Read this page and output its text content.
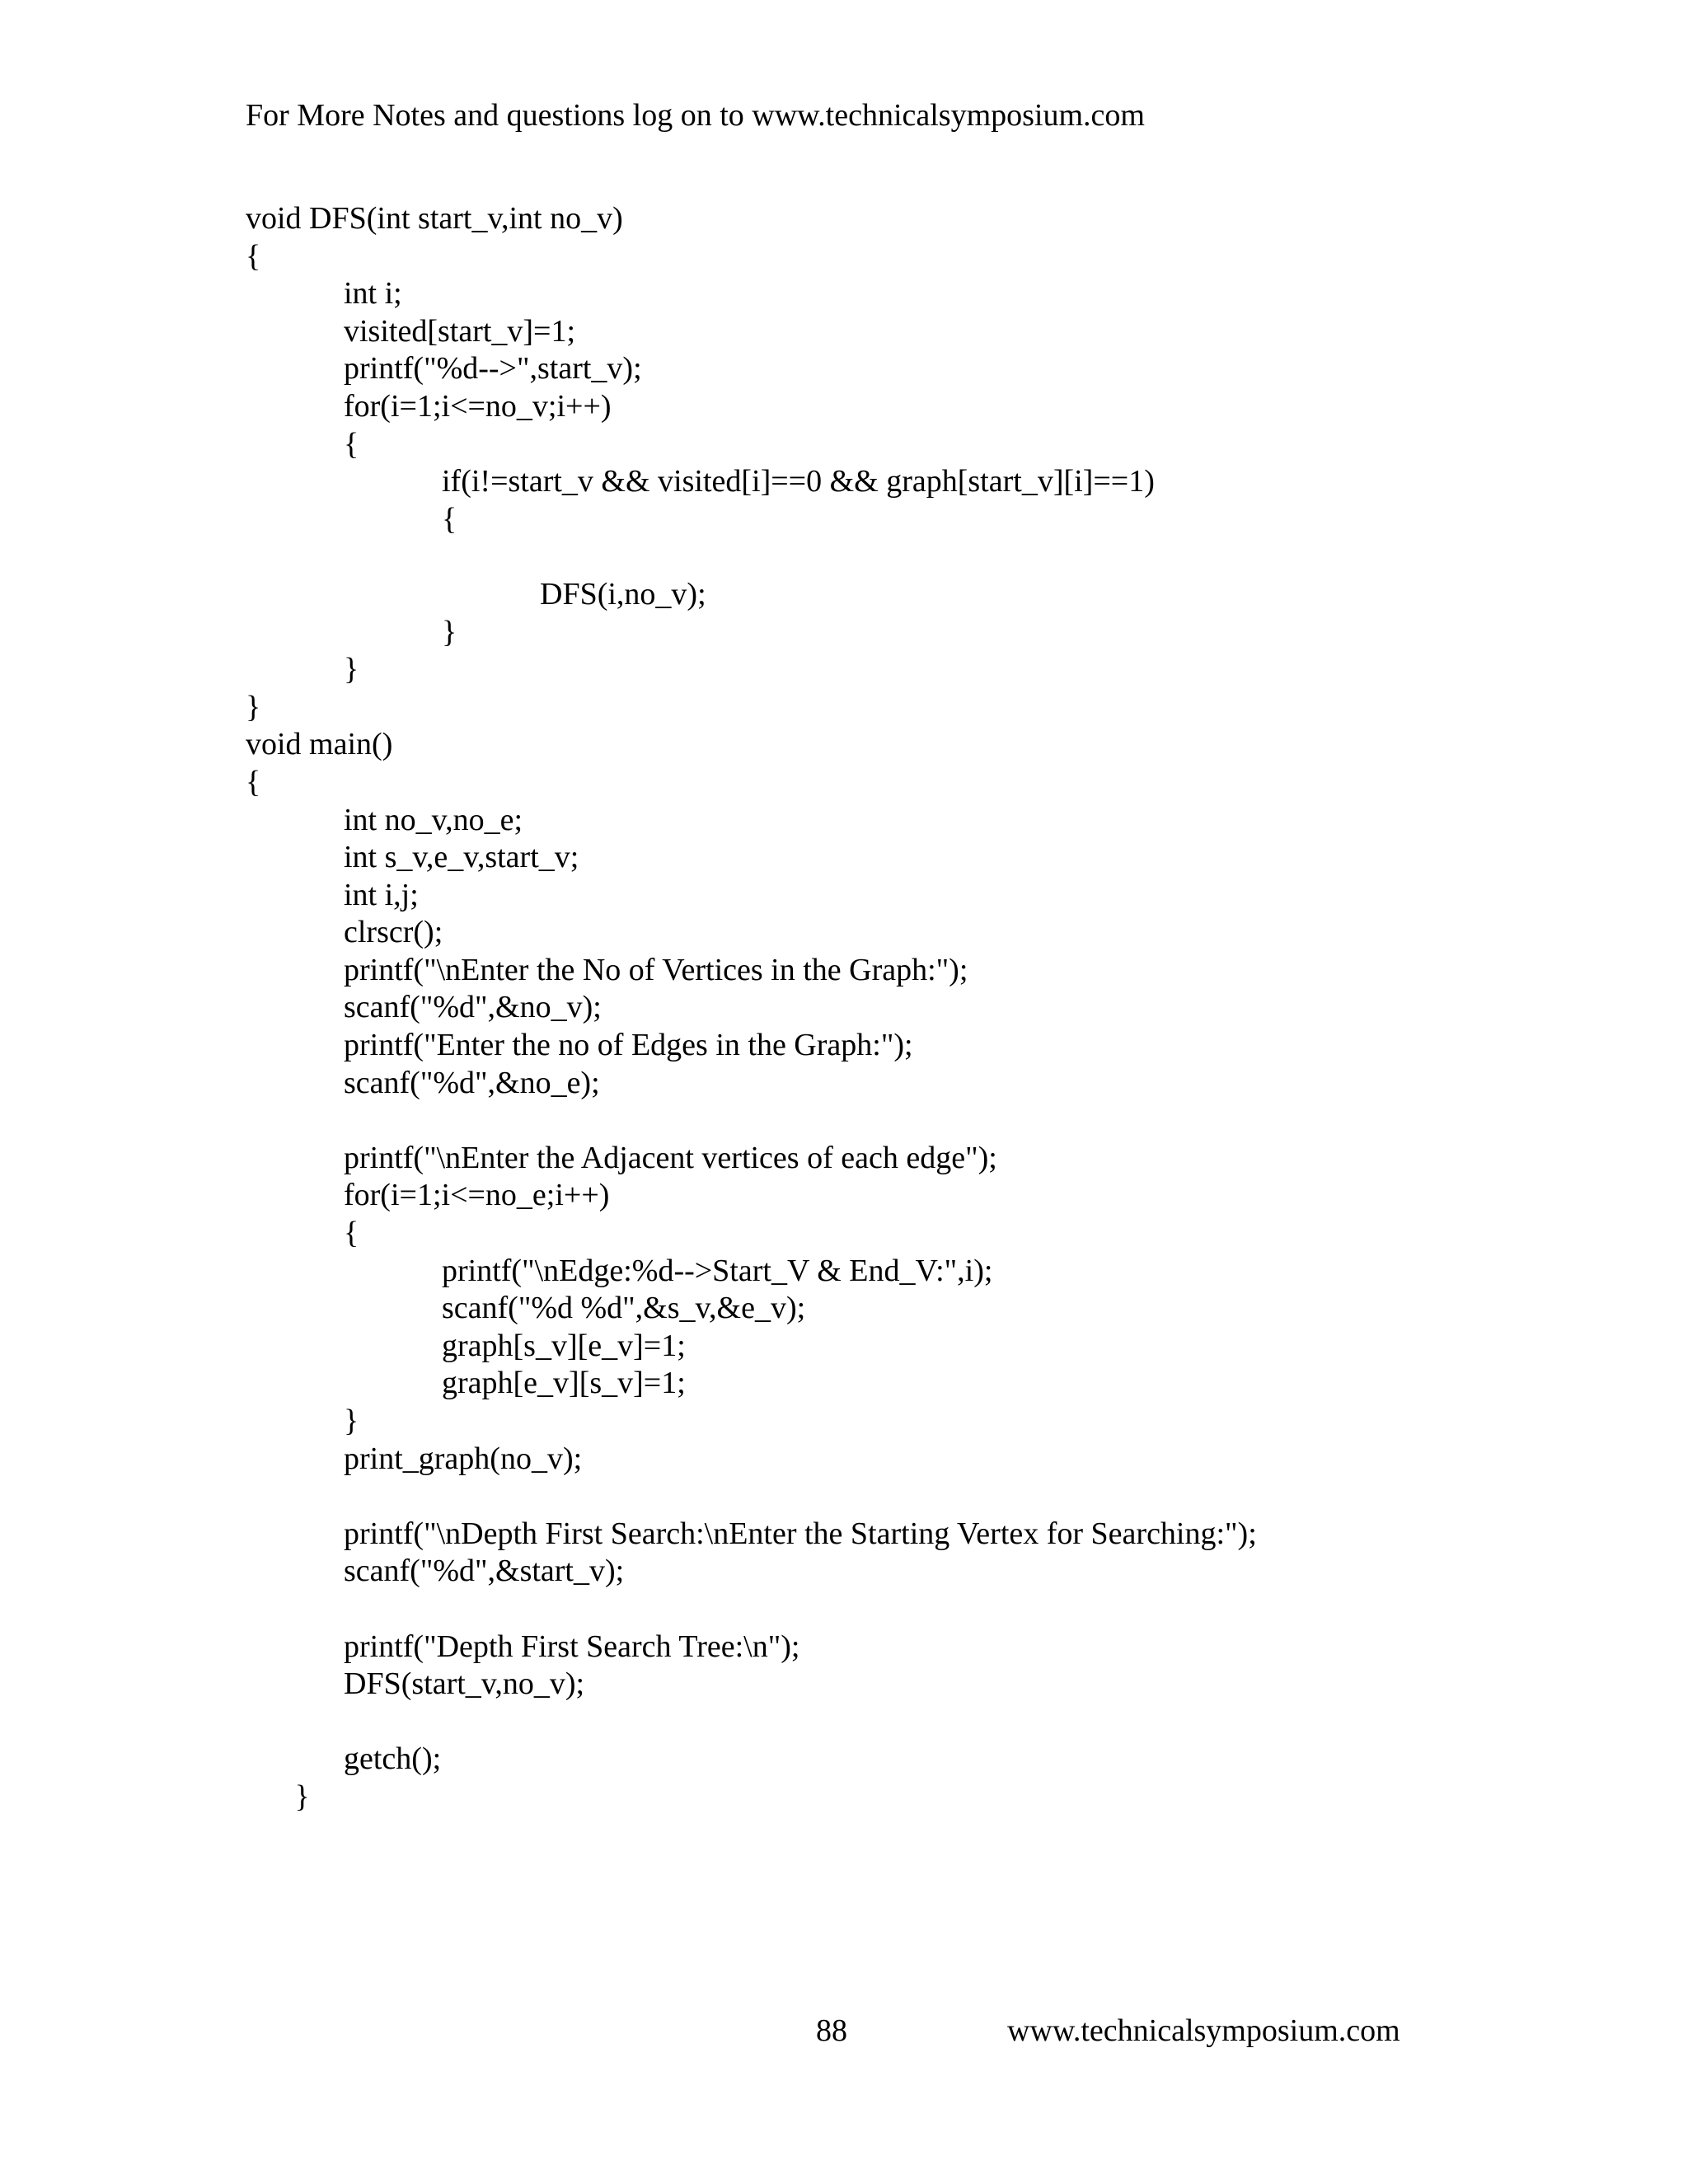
For More Notes and questions log on to www.technicalsymposium.com
void DFS(int start_v,int no_v)
{
int i;
visited[start_v]=1;
printf("%d-->",start_v);
for(i=1;i<=no_v;i++)
{
if(i!=start_v && visited[i]==0 && graph[start_v][i]==1)
{
DFS(i,no_v);
}
}
}
void main()
{
int no_v,no_e;
int s_v,e_v,start_v;
int i,j;
clrscr();
printf("\nEnter the No of Vertices in the Graph:");
scanf("%d",&no_v);
printf("Enter the no of Edges in the Graph:");
scanf("%d",&no_e);
printf("\nEnter the Adjacent vertices of each edge");
for(i=1;i<=no_e;i++)
{
printf("\nEdge:%d-->Start_V & End_V:",i);
scanf("%d %d",&s_v,&e_v);
graph[s_v][e_v]=1;
graph[e_v][s_v]=1;
}
print_graph(no_v);
printf("\nDepth First Search:\nEnter the Starting Vertex for Searching:");
scanf("%d",&start_v);
printf("Depth First Search Tree:\n");
DFS(start_v,no_v);
getch();
}
88	www.technicalsymposium.com
